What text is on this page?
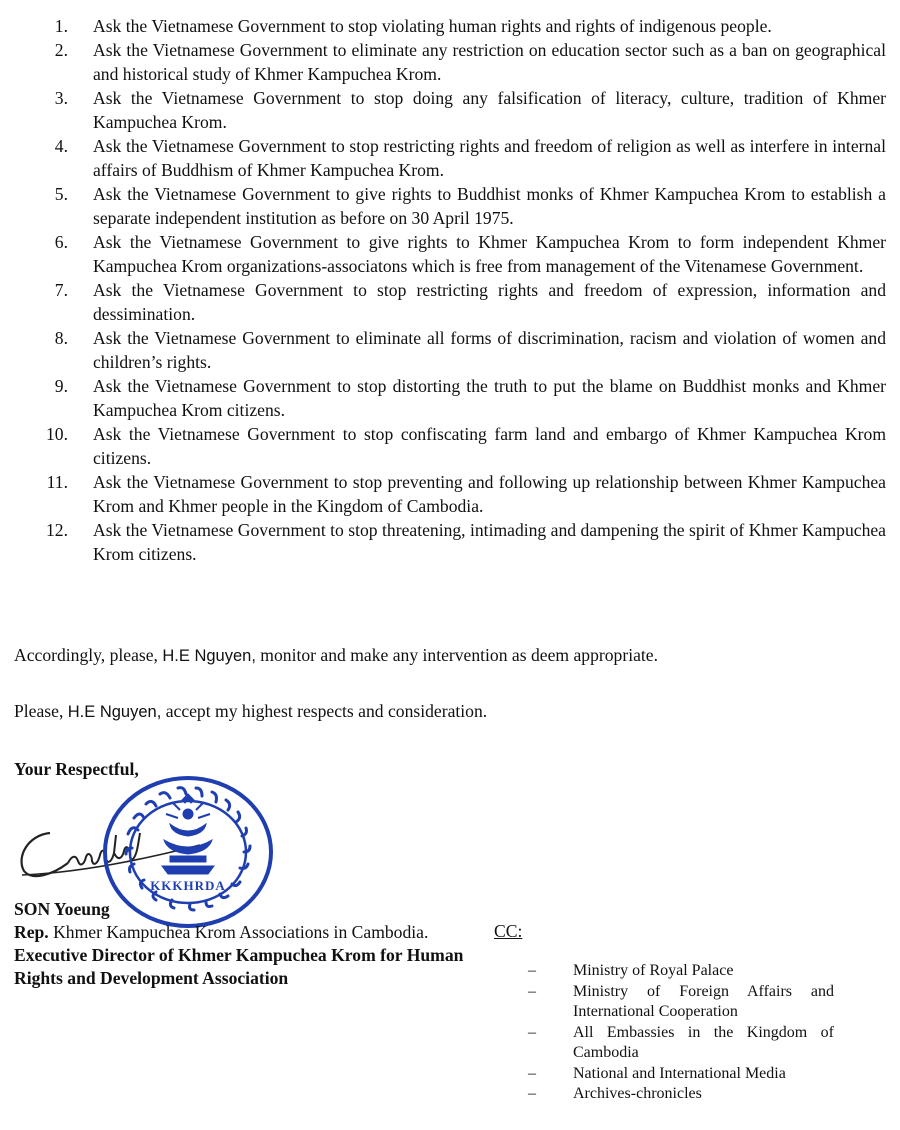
1. Ask the Vietnamese Government to stop violating human rights and rights of indigenous people.
2. Ask the Vietnamese Government to eliminate any restriction on education sector such as a ban on geographical and historical study of Khmer Kampuchea Krom.
3. Ask the Vietnamese Government to stop doing any falsification of literacy, culture, tradition of Khmer Kampuchea Krom.
4. Ask the Vietnamese Government to stop restricting rights and freedom of religion as well as interfere in internal affairs of Buddhism of Khmer Kampuchea Krom.
5. Ask the Vietnamese Government to give rights to Buddhist monks of Khmer Kampuchea Krom to establish a separate independent institution as before on 30 April 1975.
6. Ask the Vietnamese Government to give rights to Khmer Kampuchea Krom to form independent Khmer Kampuchea Krom organizations-associatons which is free from management of the Vitenamese Government.
7. Ask the Vietnamese Government to stop restricting rights and freedom of expression, information and dessimination.
8. Ask the Vietnamese Government to eliminate all forms of discrimination, racism and violation of women and children’s rights.
9. Ask the Vietnamese Government to stop distorting the truth to put the blame on Buddhist monks and Khmer Kampuchea Krom citizens.
10. Ask the Vietnamese Government to stop confiscating farm land and embargo of Khmer Kampuchea Krom citizens.
11. Ask the Vietnamese Government to stop preventing and following up relationship between Khmer Kampuchea Krom and Khmer people in the Kingdom of Cambodia.
12. Ask the Vietnamese Government to stop threatening, intimading and dampening the spirit of Khmer Kampuchea Krom citizens.

Accordingly, please, H.E Nguyen, monitor and make any intervention as deem appropriate.

Please, H.E Nguyen, accept my highest respects and consideration.

Your Respectful,
KKKHRDA
SON Yoeung
Rep. Khmer Kampuchea Krom Associations in Cambodia.
Executive Director of Khmer Kampuchea Krom for Human Rights and Development Association
CC:
– Ministry of Royal Palace
– Ministry of Foreign Affairs and International Cooperation
– All Embassies in the Kingdom of Cambodia
– National and International Media
– Archives-chronicles
